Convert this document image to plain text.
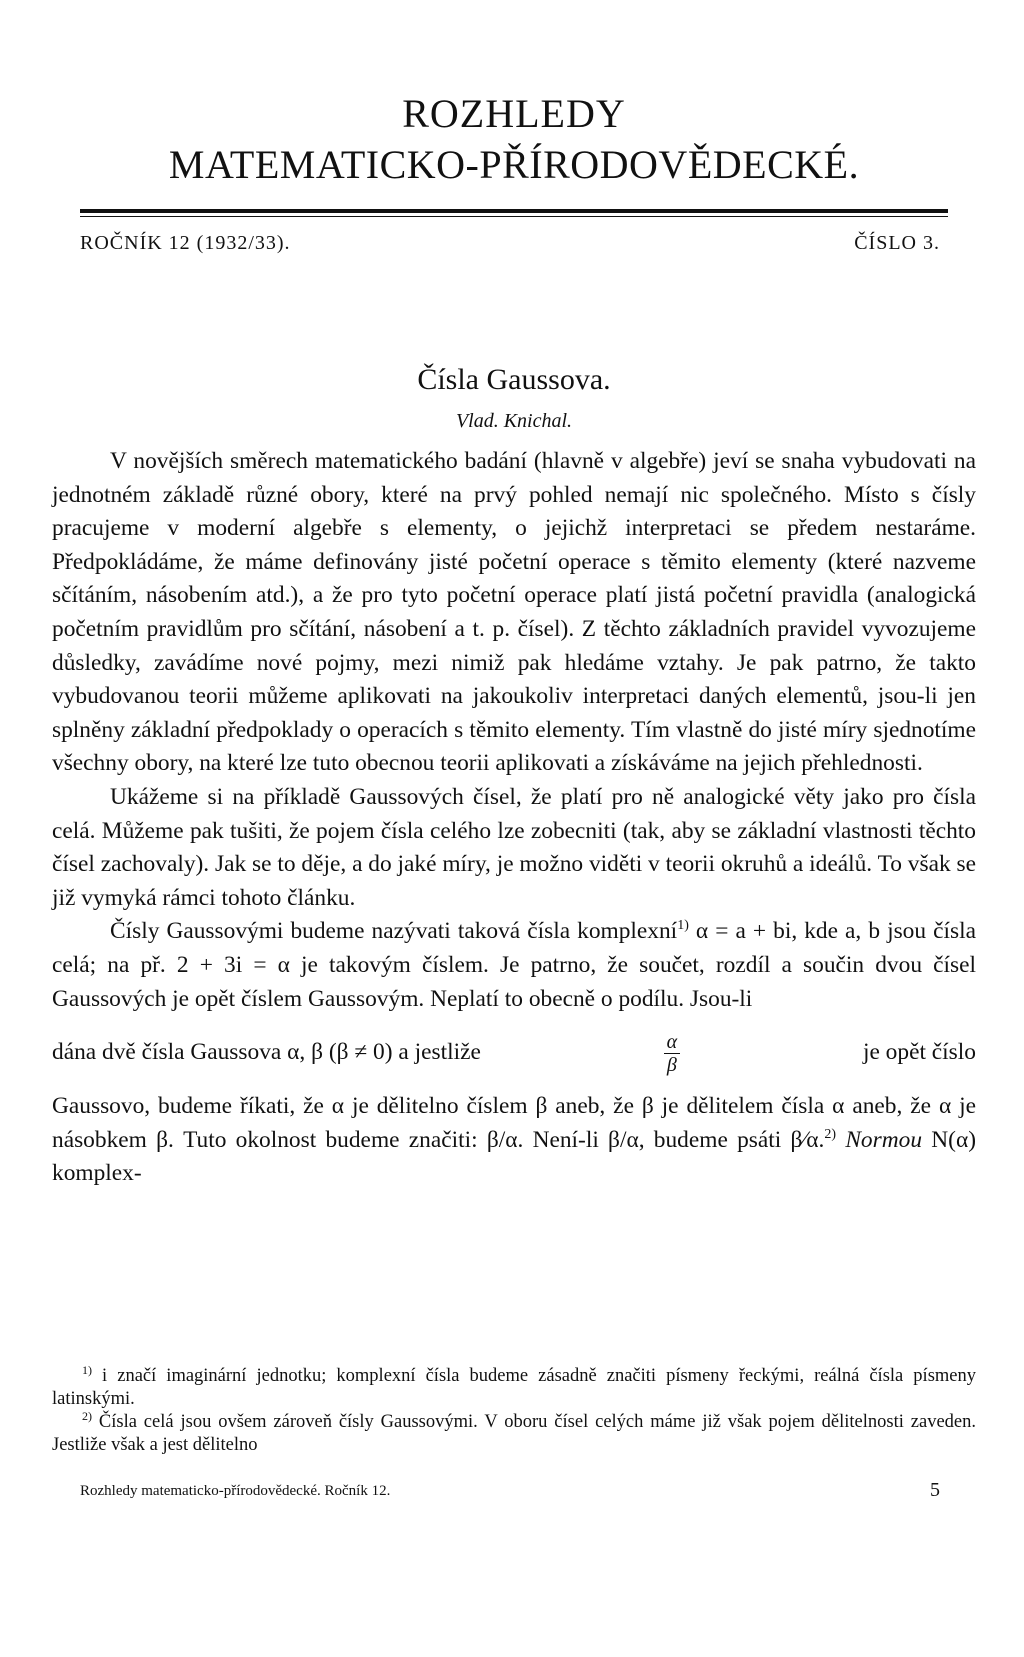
ROZHLEDY
MATEMATICKO-PŘÍRODOVĚDECKÉ.
ROČNÍK 12 (1932/33).	ČÍSLO 3.
Čísla Gaussova.
Vlad. Knichal.

V novějších směrech matematického badání (hlavně v algebře) jeví se snaha vybudovati na jednotném základě různé obory, které na prvý pohled nemají nic společného. Místo s čísly pracujeme v moderní algebře s elementy, o jejichž interpretaci se předem nestaráme. Předpokládáme, že máme definovány jisté početní operace s těmito elementy (které nazveme sčítáním, násobením atd.), a že pro tyto početní operace platí jistá početní pravidla (analogická početním pravidlům pro sčítání, násobení a t. p. čísel). Z těchto základních pravidel vyvozujeme důsledky, zavádíme nové pojmy, mezi nimiž pak hledáme vztahy. Je pak patrno, že takto vybudovanou teorii můžeme aplikovati na jakoukoliv interpretaci daných elementů, jsou-li jen splněny základní předpoklady o operacích s těmito elementy. Tím vlastně do jisté míry sjednotíme všechny obory, na které lze tuto obecnou teorii aplikovati a získáváme na jejich přehlednosti.

Ukážeme si na příkladě Gaussových čísel, že platí pro ně analogické věty jako pro čísla celá. Můžeme pak tušiti, že pojem čísla celého lze zobecniti (tak, aby se základní vlastnosti těchto čísel zachovaly). Jak se to děje, a do jaké míry, je možno viděti v teorii okruhů a ideálů. To však se již vymyká rámci tohoto článku.

Čísly Gaussovými budeme nazývati taková čísla komplexní$^{1)}$ α = a + bi, kde a, b jsou čísla celá; na př. 2 + 3i = α je takovým číslem. Je patrno, že součet, rozdíl a součin dvou čísel Gaussových je opět číslem Gaussovým. Neplatí to obecně o podílu. Jsou-li

dána dvě čísla Gaussova α, β (β ≠ 0) a jestliže	$\frac{\alpha}{\beta}$	je opět číslo

Gaussovo, budeme říkati, že α je dělitelno číslem β aneb, že β je dělitelem čísla α aneb, že α je násobkem β. Tuto okolnost budeme značiti: β/α. Není-li β/α, budeme psáti β⁄α.$^{2)}$ Normou N(α) komplex-

$^{1)}$ i značí imaginární jednotku; komplexní čísla budeme zásadně značiti písmeny řeckými, reálná čísla písmeny latinskými.

$^{2)}$ Čísla celá jsou ovšem zároveň čísly Gaussovými. V oboru čísel celých máme již však pojem dělitelnosti zaveden. Jestliže však a jest dělitelno

Rozhledy matematicko-přírodovědecké. Ročník 12.	5
